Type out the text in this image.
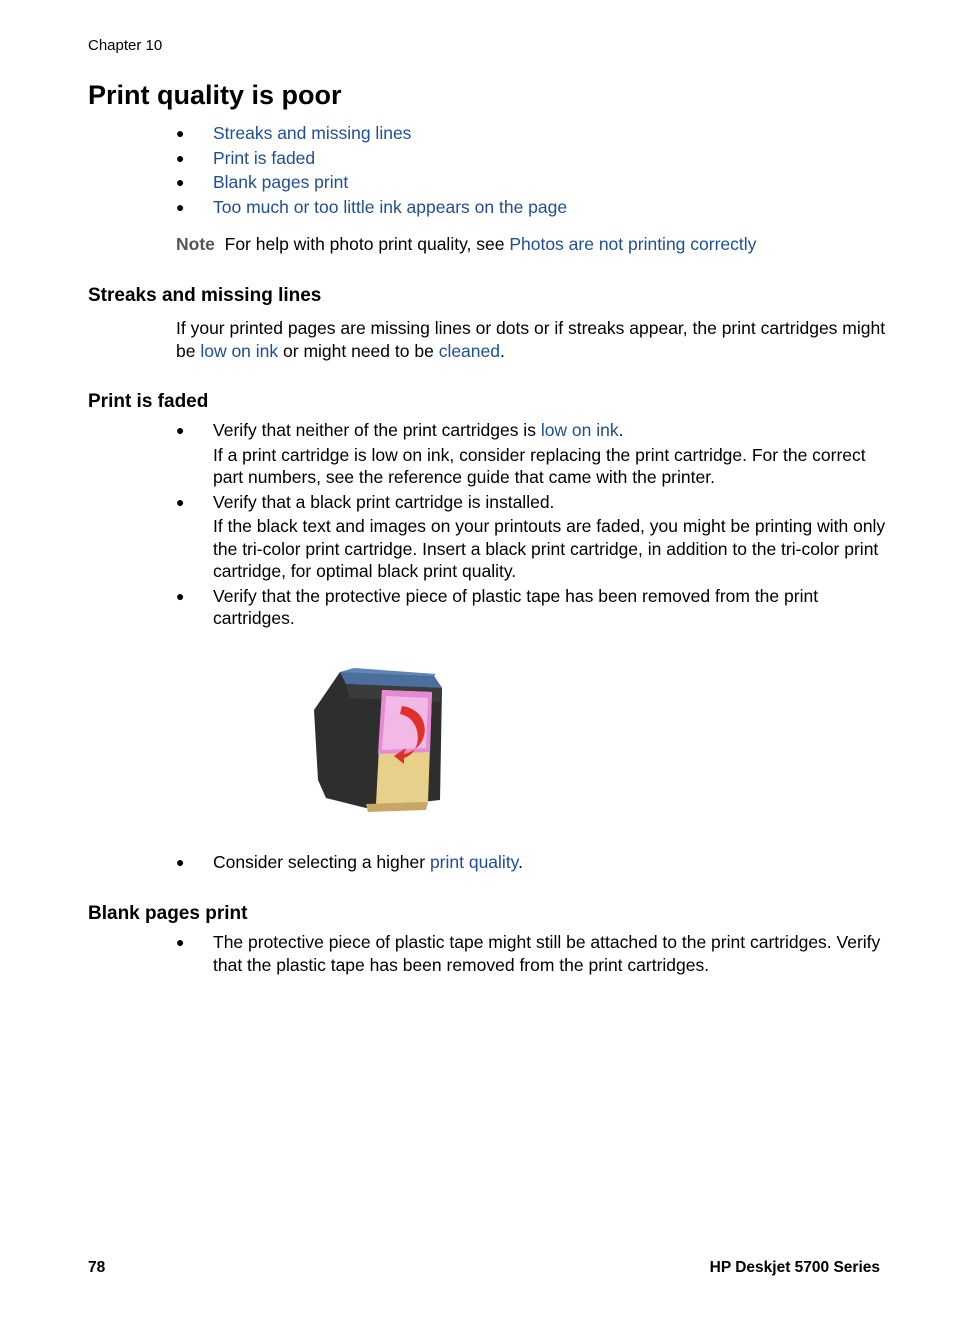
Chapter 10
Print quality is poor
● Streaks and missing lines
● Print is faded
● Blank pages print
● Too much or too little ink appears on the page

Note For help with photo print quality, see Photos are not printing correctly

Streaks and missing lines

If your printed pages are missing lines or dots or if streaks appear, the print cartridges might be low on ink or might need to be cleaned.

Print is faded
● Verify that neither of the print cartridges is low on ink.
If a print cartridge is low on ink, consider replacing the print cartridge. For the correct part numbers, see the reference guide that came with the printer.
● Verify that a black print cartridge is installed.
If the black text and images on your printouts are faded, you might be printing with only the tri-color print cartridge. Insert a black print cartridge, in addition to the tri-color print cartridge, for optimal black print quality.
● Verify that the protective piece of plastic tape has been removed from the print cartridges.
● Consider selecting a higher print quality.
Blank pages print
● The protective piece of plastic tape might still be attached to the print cartridges. Verify that the plastic tape has been removed from the print cartridges.
78	HP Deskjet 5700 Series
